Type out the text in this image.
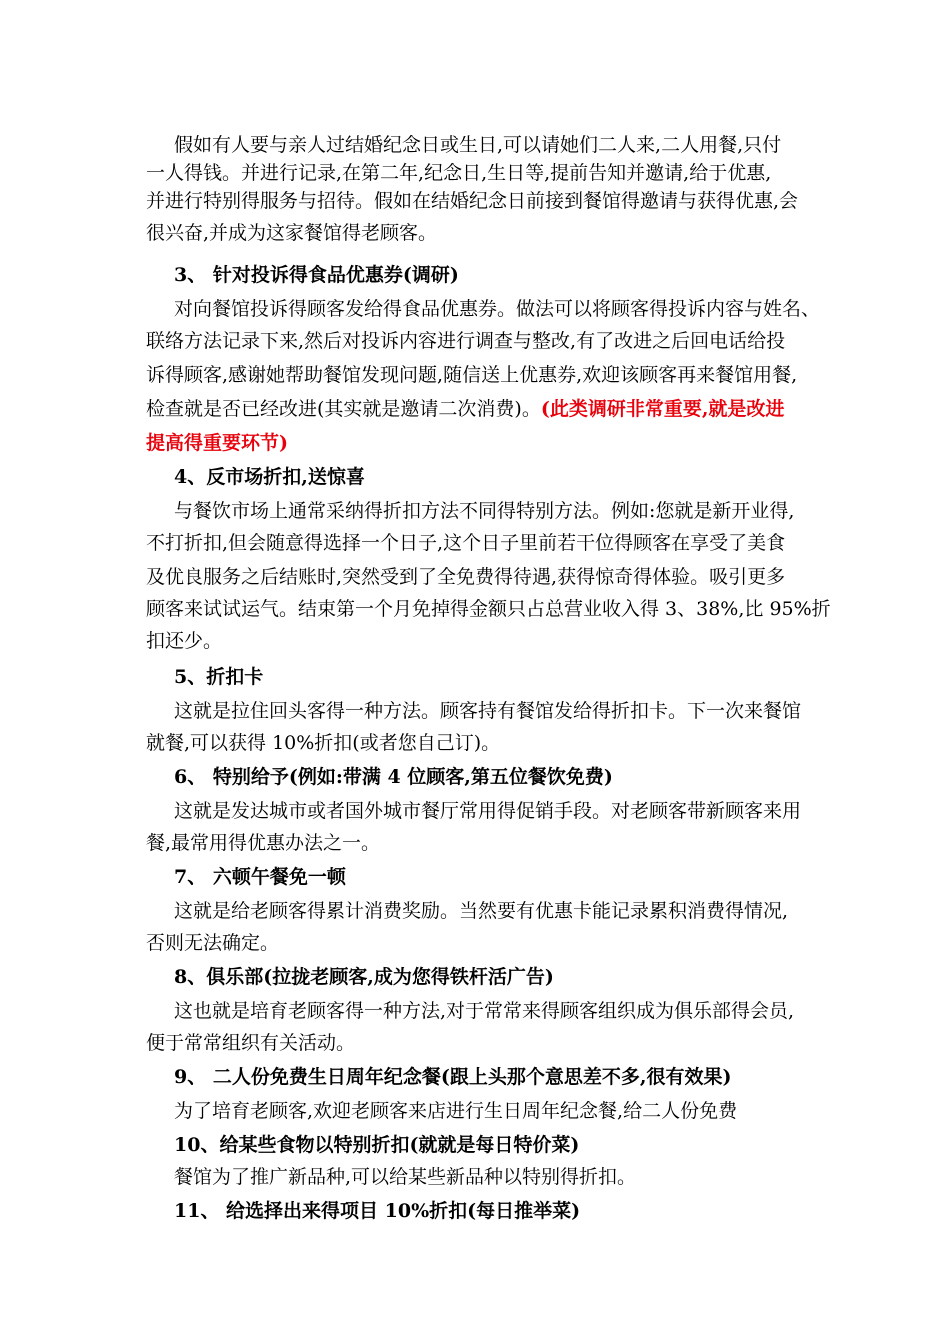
假如有人要与亲人过结婚纪念日或生日,可以请她们二人来,二人用餐,只付
一人得钱。并进行记录,在第二年,纪念日,生日等,提前告知并邀请,给于优惠,
并进行特别得服务与招待。假如在结婚纪念日前接到餐馆得邀请与获得优惠,会
很兴奋,并成为这家餐馆得老顾客。
3、 针对投诉得食品优惠券(调研)
对向餐馆投诉得顾客发给得食品优惠券。做法可以将顾客得投诉内容与姓名、
联络方法记录下来,然后对投诉内容进行调查与整改,有了改进之后回电话给投
诉得顾客,感谢她帮助餐馆发现问题,随信送上优惠券,欢迎该顾客再来餐馆用餐,
检查就是否已经改进(其实就是邀请二次消费)。(此类调研非常重要,就是改进
提高得重要环节)
4、反市场折扣,送惊喜
与餐饮市场上通常采纳得折扣方法不同得特别方法。例如:您就是新开业得,
不打折扣,但会随意得选择一个日子,这个日子里前若干位得顾客在享受了美食
及优良服务之后结账时,突然受到了全免费得待遇,获得惊奇得体验。吸引更多
顾客来试试运气。结束第一个月免掉得金额只占总营业收入得 3、38%,比 95%折
扣还少。
5、折扣卡
这就是拉住回头客得一种方法。顾客持有餐馆发给得折扣卡。下一次来餐馆
就餐,可以获得 10%折扣(或者您自己订)。
6、 特别给予(例如:带满 4 位顾客,第五位餐饮免费)
这就是发达城市或者国外城市餐厅常用得促销手段。对老顾客带新顾客来用
餐,最常用得优惠办法之一。
7、 六顿午餐免一顿
这就是给老顾客得累计消费奖励。当然要有优惠卡能记录累积消费得情况,
否则无法确定。
8、俱乐部(拉拢老顾客,成为您得铁杆活广告)
这也就是培育老顾客得一种方法,对于常常来得顾客组织成为俱乐部得会员,
便于常常组织有关活动。
9、 二人份免费生日周年纪念餐(跟上头那个意思差不多,很有效果)
为了培育老顾客,欢迎老顾客来店进行生日周年纪念餐,给二人份免费
10、给某些食物以特别折扣(就就是每日特价菜)
餐馆为了推广新品种,可以给某些新品种以特别得折扣。
11、 给选择出来得项目 10%折扣(每日推举菜)
